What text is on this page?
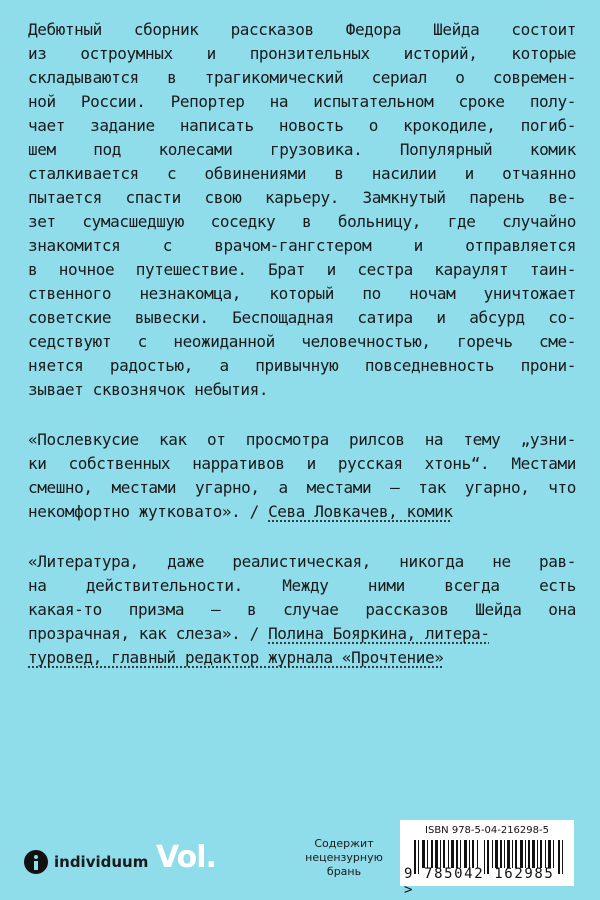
Дебютный сборник рассказов Федора Шейда состоит
из остроумных и пронзительных историй, которые
складываются в трагикомический сериал о современ-
ной России. Репортер на испытательном сроке полу-
чает задание написать новость о крокодиле, погиб-
шем под колесами грузовика. Популярный комик
сталкивается с обвинениями в насилии и отчаянно
пытается спасти свою карьеру. Замкнутый парень ве-
зет сумасшедшую соседку в больницу, где случайно
знакомится с врачом-гангстером и отправляется
в ночное путешествие. Брат и сестра караулят таин-
ственного незнакомца, который по ночам уничтожает
советские вывески. Беспощадная сатира и абсурд со-
седствуют с неожиданной человечностью, горечь сме-
няется радостью, а привычную повседневность прони-
зывает сквознячок небытия.

«Послевкусие как от просмотра рилсов на тему „узни-
ки собственных нарративов и русская хтонь“. Местами
смешно, местами угарно, а местами – так угарно, что
некомфортно жутковато». / Сева Ловкачев, комик

«Литература, даже реалистическая, никогда не рав-
на действительности. Между ними всегда есть
какая-то призма – в случае рассказов Шейда она
прозрачная, как слеза». / Полина Бояркина, литера-
туровед, главный редактор журнала «Прочтение»

individuum Vol.	Содержит нецензурную брань
ISBN 978-5-04-216298-5
9 785042 162985 >
